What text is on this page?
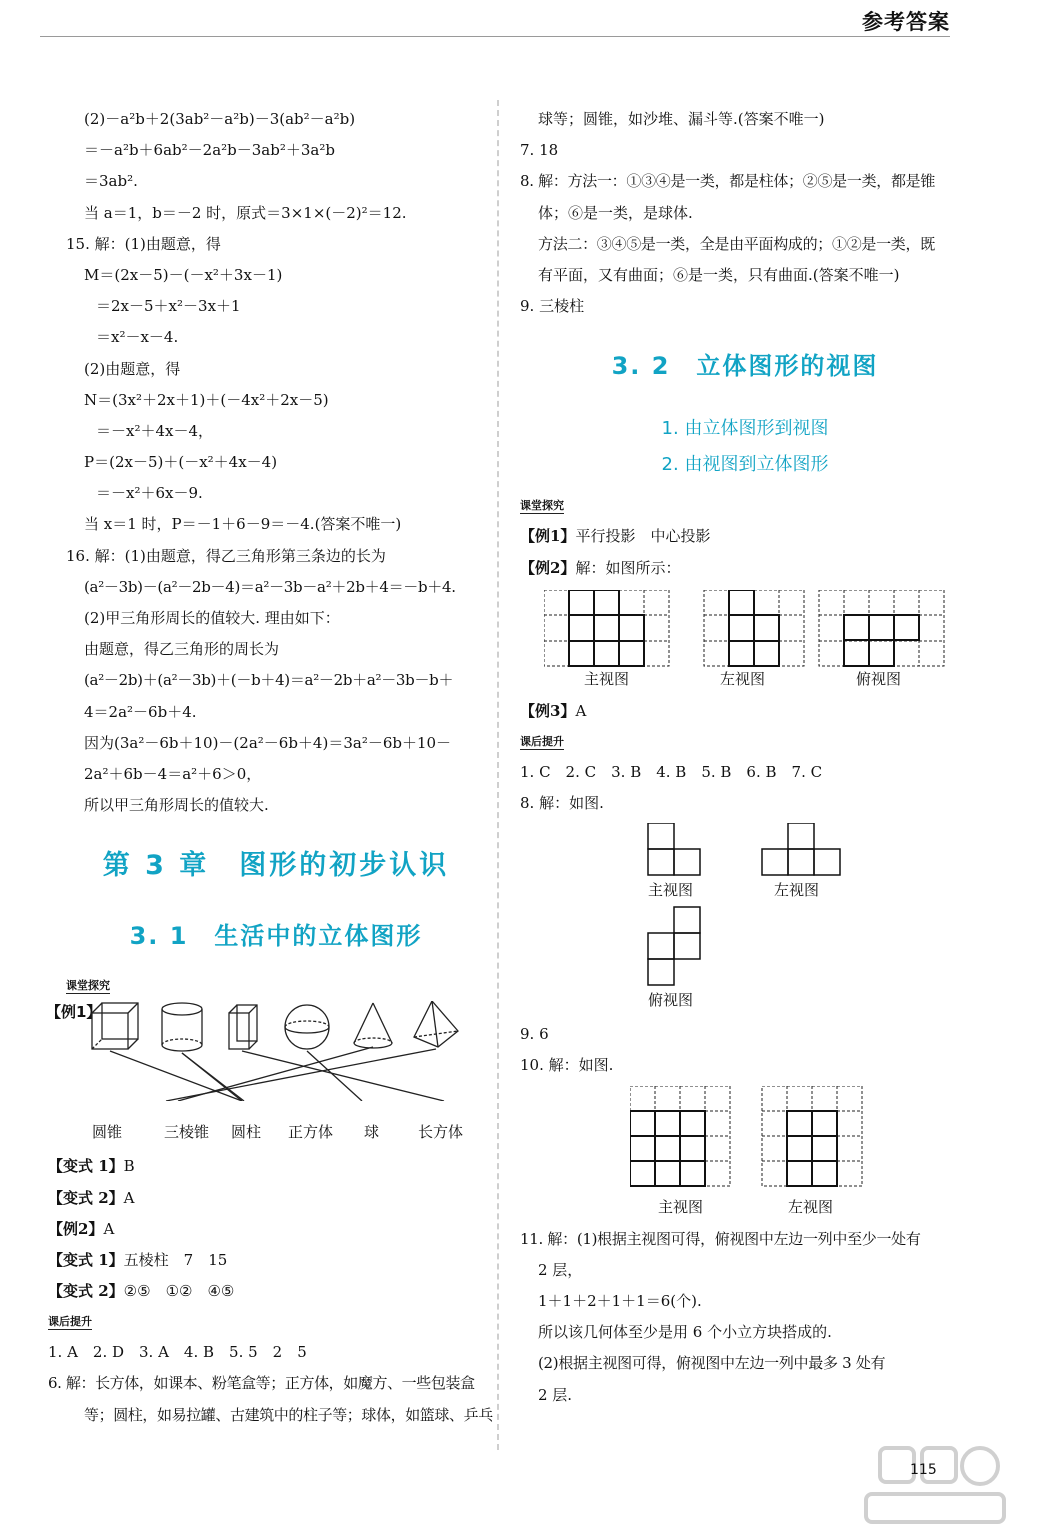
参考答案
(2)－a²b＋2(3ab²－a²b)－3(ab²－a²b)
＝－a²b＋6ab²－2a²b－3ab²＋3a²b
＝3ab².
当 a＝1，b＝－2 时，原式＝3×1×(－2)²＝12.
15. 解：(1)由题意，得
M＝(2x－5)－(－x²＋3x－1)
＝2x－5＋x²－3x＋1
＝x²－x－4.
(2)由题意，得
N＝(3x²＋2x＋1)＋(－4x²＋2x－5)
＝－x²＋4x－4，
P＝(2x－5)＋(－x²＋4x－4)
＝－x²＋6x－9.
当 x＝1 时，P＝－1＋6－9＝－4.(答案不唯一)
16. 解：(1)由题意，得乙三角形第三条边的长为
(a²－3b)－(a²－2b－4)＝a²－3b－a²＋2b＋4＝－b＋4.
(2)甲三角形周长的值较大. 理由如下：
由题意，得乙三角形的周长为
(a²－2b)＋(a²－3b)＋(－b＋4)＝a²－2b＋a²－3b－b＋
4＝2a²－6b＋4.
因为(3a²－6b＋10)－(2a²－6b＋4)＝3a²－6b＋10－
2a²＋6b－4＝a²＋6＞0，
所以甲三角形周长的值较大.
第 3 章　图形的初步认识
3. 1　生活中的立体图形
课堂探究
【例1】
圆锥	三棱锥 圆柱 正方体 球	长方体
【变式 1】B
【变式 2】A
【例2】A
【变式 1】五棱柱　7　15
【变式 2】②⑤　①②　④⑤
课后提升
1. A　2. D　3. A　4. B　5. 5　2　5
6. 解：长方体，如课本、粉笔盒等；正方体，如魔方、一些包装盒
等；圆柱，如易拉罐、古建筑中的柱子等；球体，如篮球、乒乓
球等；圆锥，如沙堆、漏斗等.(答案不唯一)
7. 18
8. 解：方法一：①③④是一类，都是柱体；②⑤是一类，都是锥
体；⑥是一类，是球体.
方法二：③④⑤是一类，全是由平面构成的；①②是一类，既
有平面，又有曲面；⑥是一类，只有曲面.(答案不唯一)
9. 三棱柱
3. 2　立体图形的视图
1. 由立体图形到视图
2. 由视图到立体图形
课堂探究
【例1】平行投影　中心投影
【例2】解：如图所示：
主视图	左视图	俯视图
【例3】A
课后提升
1. C　2. C　3. B　4. B　5. B　6. B　7. C
8. 解：如图.
主视图	左视图
俯视图
9. 6
10. 解：如图.
主视图	左视图
11. 解：(1)根据主视图可得，俯视图中左边一列中至少一处有
2 层，
1＋1＋2＋1＋1＝6(个).
所以该几何体至少是用 6 个小立方块搭成的.
(2)根据主视图可得，俯视图中左边一列中最多 3 处有
2 层.
115
